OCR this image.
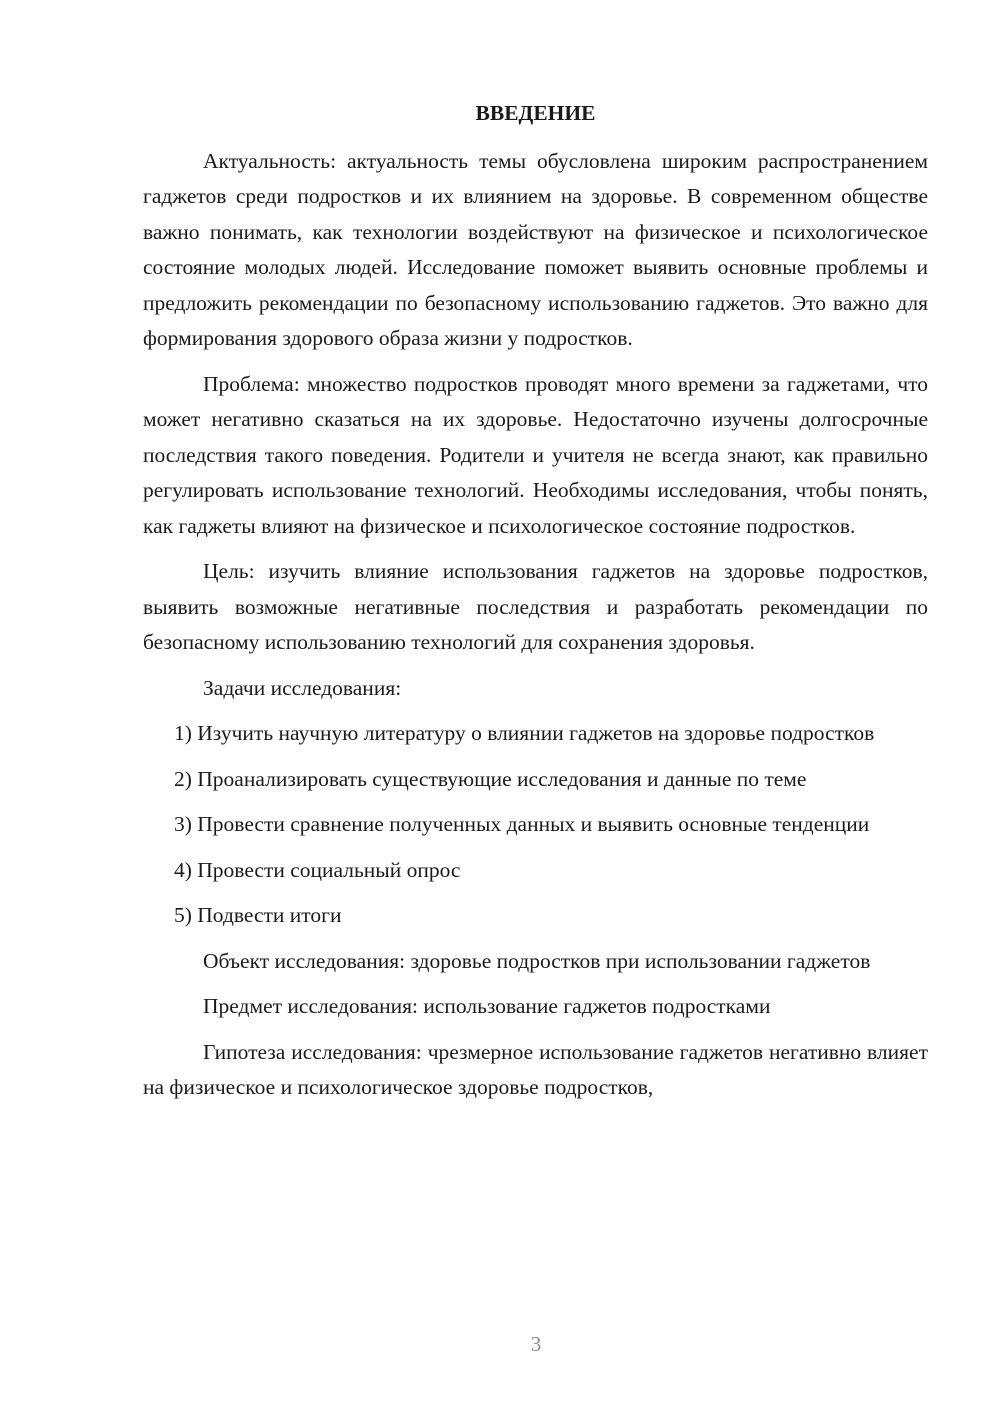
ВВЕДЕНИЕ

Актуальность: актуальность темы обусловлена широким распространением гаджетов среди подростков и их влиянием на здоровье. В современном обществе важно понимать, как технологии воздействуют на физическое и психологическое состояние молодых людей. Исследование поможет выявить основные проблемы и предложить рекомендации по безопасному использованию гаджетов. Это важно для формирования здорового образа жизни у подростков.

Проблема: множество подростков проводят много времени за гаджетами, что может негативно сказаться на их здоровье. Недостаточно изучены долгосрочные последствия такого поведения. Родители и учителя не всегда знают, как правильно регулировать использование технологий. Необходимы исследования, чтобы понять, как гаджеты влияют на физическое и психологическое состояние подростков.

Цель: изучить влияние использования гаджетов на здоровье подростков, выявить возможные негативные последствия и разработать рекомендации по безопасному использованию технологий для сохранения здоровья.

Задачи исследования:

1) Изучить научную литературу о влиянии гаджетов на здоровье подростков

2) Проанализировать существующие исследования и данные по теме

3) Провести сравнение полученных данных и выявить основные тенденции

4) Провести социальный опрос

5) Подвести итоги

Объект исследования: здоровье подростков при использовании гаджетов

Предмет исследования: использование гаджетов подростками

Гипотеза исследования: чрезмерное использование гаджетов негативно влияет на физическое и психологическое здоровье подростков,

3
